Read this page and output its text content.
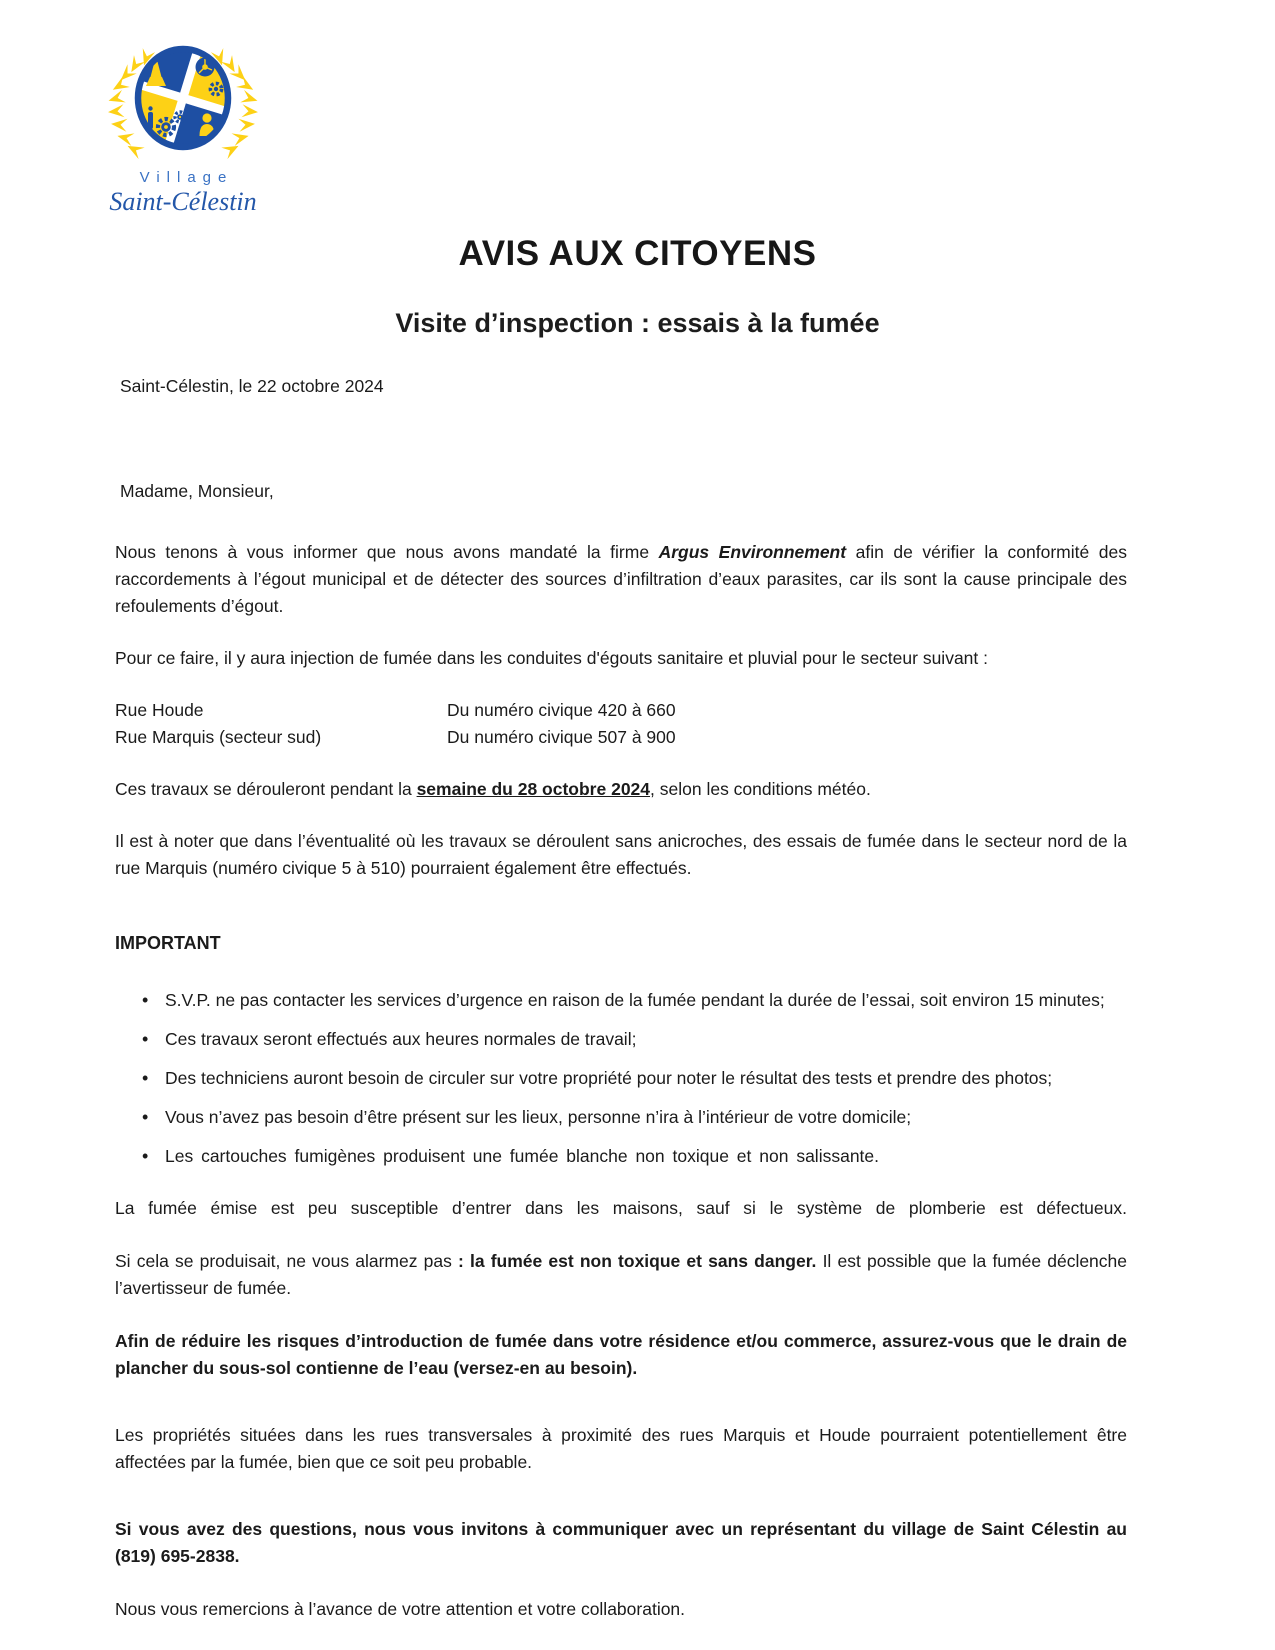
Village
Saint-Célestin
AVIS AUX CITOYENS
Visite d’inspection : essais à la fumée
Saint-Célestin, le 22 octobre 2024
Madame, Monsieur,

Nous tenons à vous informer que nous avons mandaté la firme Argus Environnement afin de vérifier la conformité des raccordements à l’égout municipal et de détecter des sources d’infiltration d’eaux parasites, car ils sont la cause principale des refoulements d’égout.

Pour ce faire, il y aura injection de fumée dans les conduites d'égouts sanitaire et pluvial pour le secteur suivant :

Rue Houde	Du numéro civique 420 à 660
Rue Marquis (secteur sud)	Du numéro civique 507 à 900

Ces travaux se dérouleront pendant la semaine du 28 octobre 2024, selon les conditions météo.

Il est à noter que dans l’éventualité où les travaux se déroulent sans anicroches, des essais de fumée dans le secteur nord de la rue Marquis (numéro civique 5 à 510) pourraient également être effectués.

IMPORTANT
•
S.V.P. ne pas contacter les services d’urgence en raison de la fumée pendant la durée de l’essai, soit environ 15 minutes;
•
Ces travaux seront effectués aux heures normales de travail;
•
Des techniciens auront besoin de circuler sur votre propriété pour noter le résultat des tests et prendre des photos;
•
Vous n’avez pas besoin d’être présent sur les lieux, personne n’ira à l’intérieur de votre domicile;
•
Les cartouches fumigènes produisent une fumée blanche non toxique et non salissante.

La fumée émise est peu susceptible d’entrer dans les maisons, sauf si le système de plomberie est défectueux.

Si cela se produisait, ne vous alarmez pas : la fumée est non toxique et sans danger. Il est possible que la fumée déclenche l’avertisseur de fumée.

Afin de réduire les risques d’introduction de fumée dans votre résidence et/ou commerce, assurez-vous que le drain de plancher du sous-sol contienne de l’eau (versez-en au besoin).

Les propriétés situées dans les rues transversales à proximité des rues Marquis et Houde pourraient potentiellement être affectées par la fumée, bien que ce soit peu probable.

Si vous avez des questions, nous vous invitons à communiquer avec un représentant du village de Saint Célestin au (819) 695-2838.

Nous vous remercions à l’avance de votre attention et votre collaboration.
